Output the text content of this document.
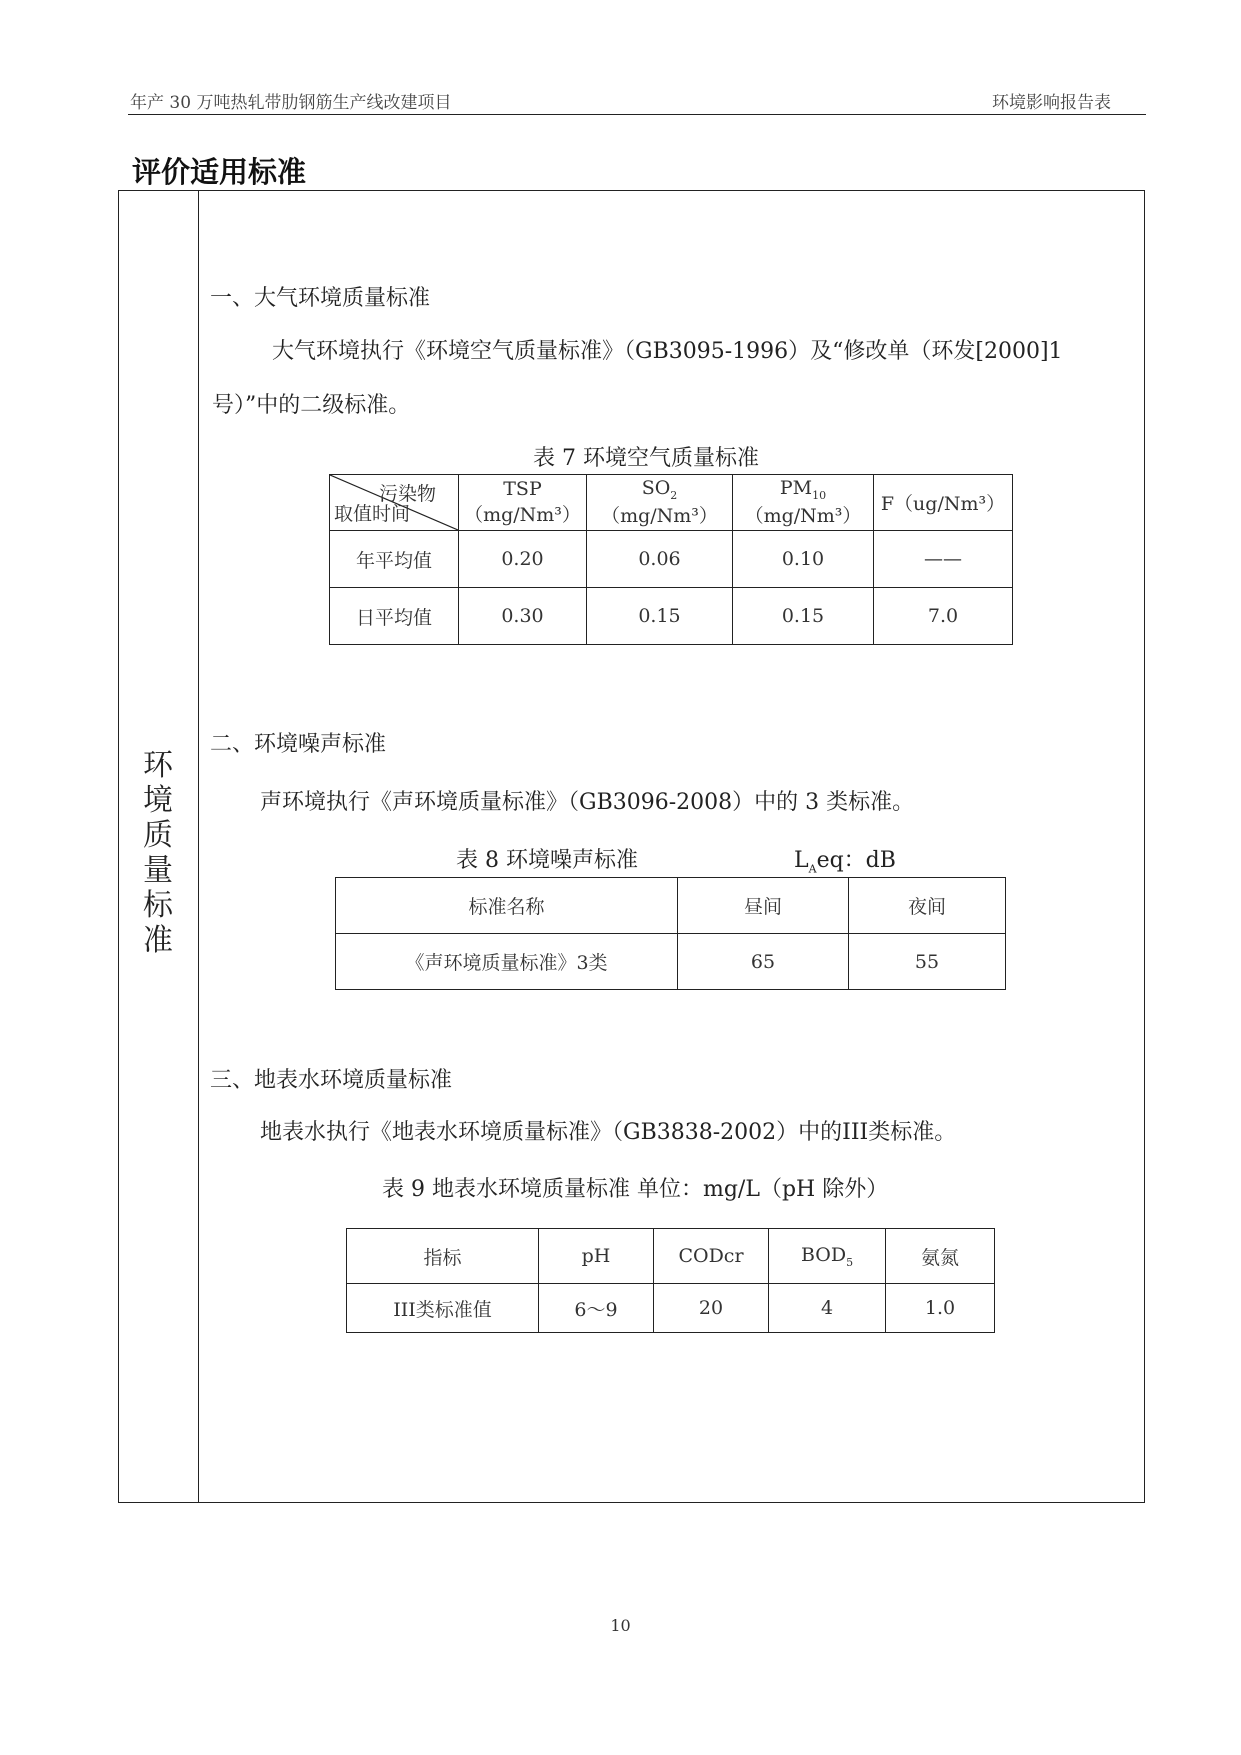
年产 30 万吨热轧带肋钢筋生产线改建项目	环境影响报告表
评价适用标准
环
境
质
量
标
准
一、大气环境质量标准
大气环境执行《环境空气质量标准》（GB3095-1996）及“修改单（环发[2000]1
号）”中的二级标准。
表 7 环境空气质量标准
污染物
取值时间	TSP（mg/Nm³）	$SO_2(mg/Nm^3)$	$PM_{10}(mg/Nm^3)$	F（ug/Nm³）
年平均值	0.20	0.06	0.10	——
日平均值	0.30	0.15	0.15	7.0
二、环境噪声标准
声环境执行《声环境质量标准》（GB3096-2008）中的 3 类标准。
表 8 环境噪声标准	$L_Aeq$：dB
标准名称	昼间	夜间
《声环境质量标准》3类	65	55
三、地表水环境质量标准
地表水执行《地表水环境质量标准》（GB3838-2002）中的III类标准。
表 9 地表水环境质量标准 单位：mg/L（pH 除外）
指标	pH	CODcr	$BOD_5$	氨氮
III类标准值	6～9	20	4	1.0
10
